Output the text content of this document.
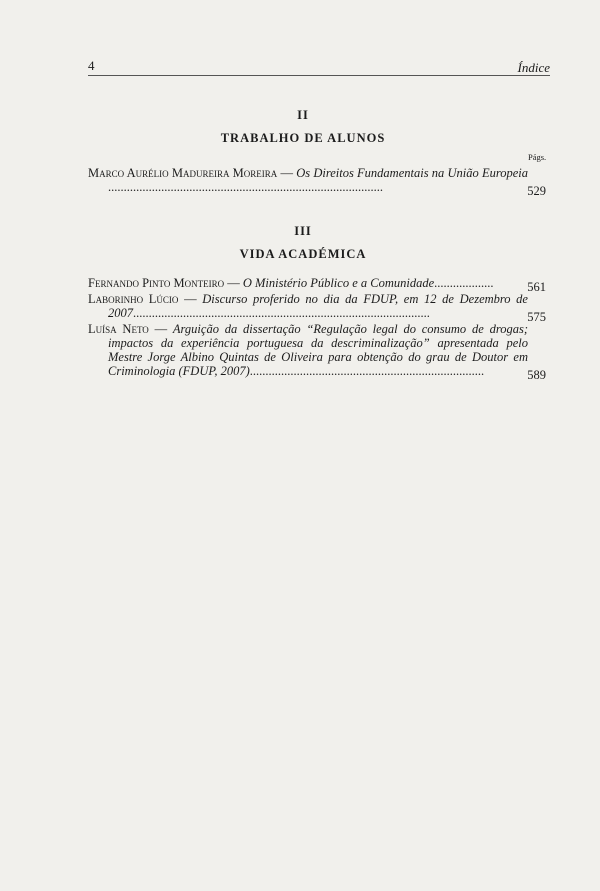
4	Índice
II
TRABALHO DE ALUNOS
Págs.
Marco Aurélio Madureira Moreira — Os Direitos Fundamentais na União Europeia ........................................................................................	529
III
VIDA ACADÉMICA
Fernando Pinto Monteiro — O Ministério Público e a Comunidade...................	561
Laborinho Lúcio — Discurso proferido no dia da FDUP, em 12 de Dezembro de 2007...............................................................................................	575
Luísa Neto — Arguição da dissertação “Regulação legal do consumo de drogas; impactos da experiência portuguesa da descriminalização” apresentada pelo Mestre Jorge Albino Quintas de Oliveira para obtenção do grau de Doutor em Criminologia (FDUP, 2007)...........................................................................	589
